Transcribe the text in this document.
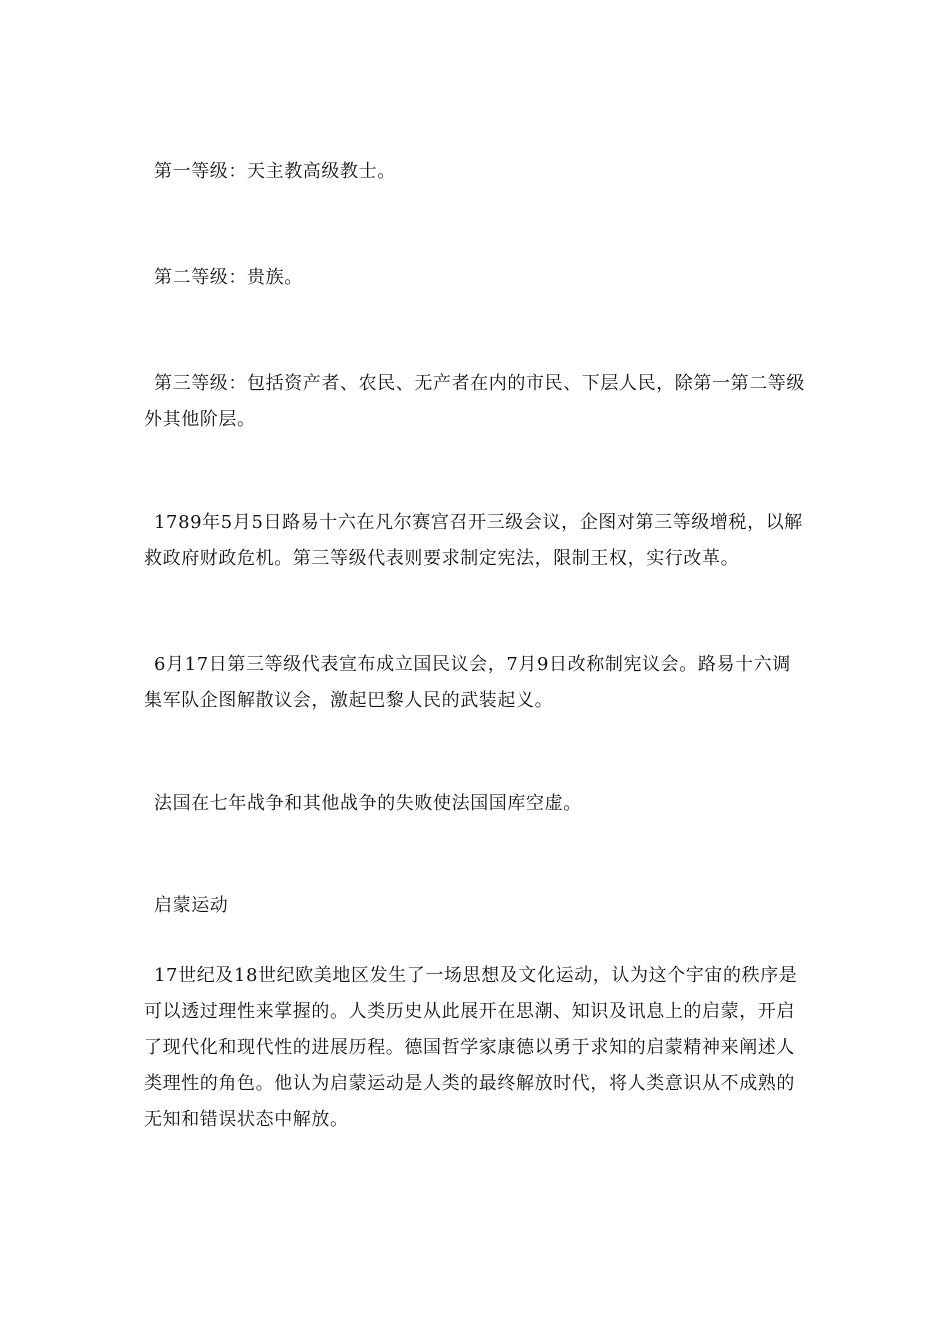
第一等级：天主教高级教士。

第二等级：贵族。

第三等级：包括资产者、农民、无产者在内的市民、下层人民，除第一第二等级外其他阶层。

1789年5月5日路易十六在凡尔赛宫召开三级会议，企图对第三等级增税，以解救政府财政危机。第三等级代表则要求制定宪法，限制王权，实行改革。

6月17日第三等级代表宣布成立国民议会，7月9日改称制宪议会。路易十六调集军队企图解散议会，激起巴黎人民的武装起义。

法国在七年战争和其他战争的失败使法国国库空虚。

启蒙运动

17世纪及18世纪欧美地区发生了一场思想及文化运动，认为这个宇宙的秩序是可以透过理性来掌握的。人类历史从此展开在思潮、知识及讯息上的启蒙，开启了现代化和现代性的进展历程。德国哲学家康德以勇于求知的启蒙精神来阐述人类理性的角色。他认为启蒙运动是人类的最终解放时代，将人类意识从不成熟的无知和错误状态中解放。
